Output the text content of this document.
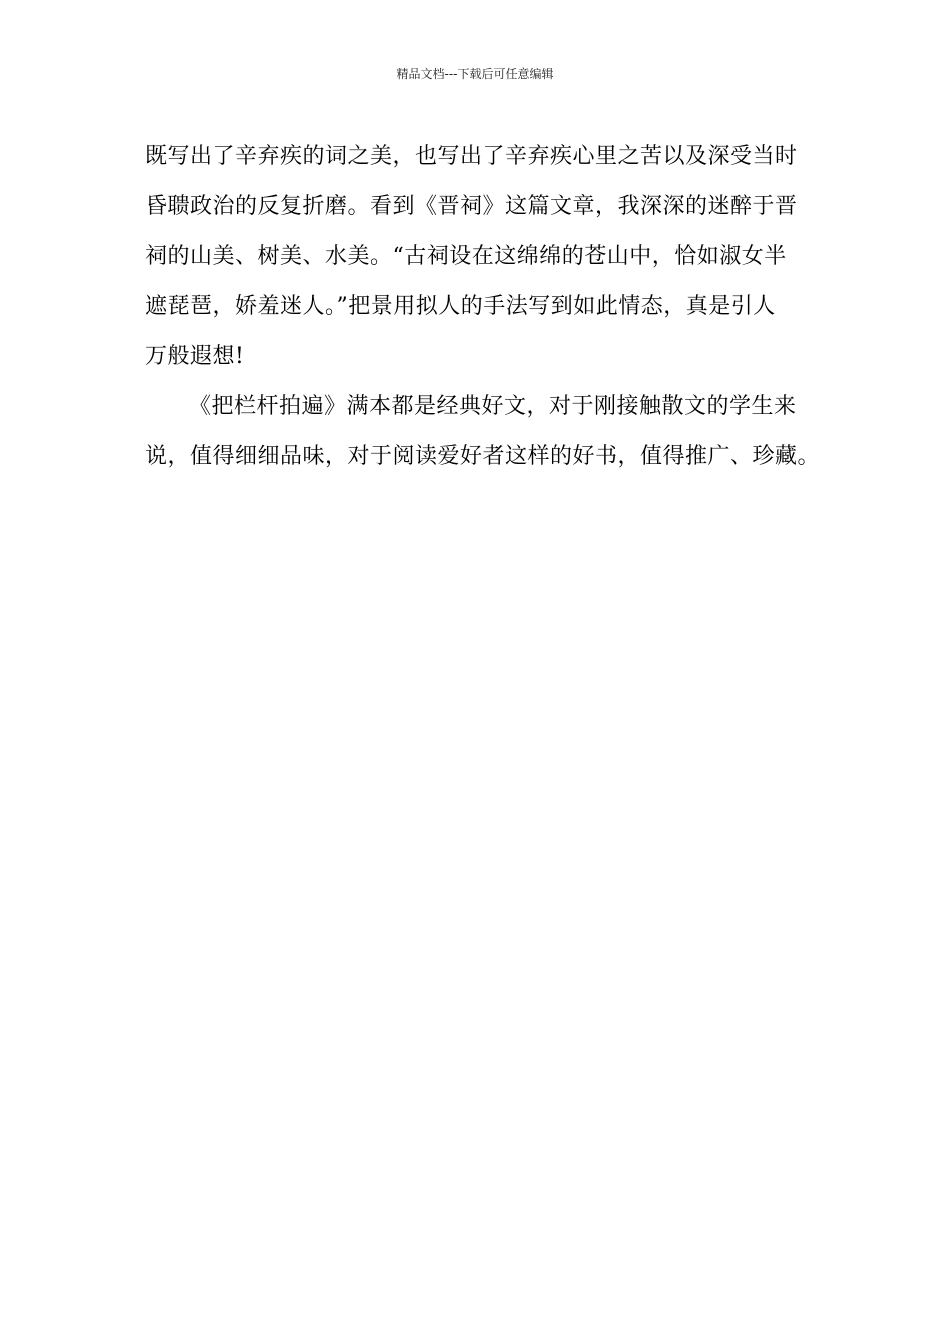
精品文档---下载后可任意编辑
既写出了辛弃疾的词之美，也写出了辛弃疾心里之苦以及深受当时
昏聩政治的反复折磨。看到《晋祠》这篇文章，我深深的迷醉于晋
祠的山美、树美、水美。“古祠设在这绵绵的苍山中，恰如淑女半
遮琵琶，娇羞迷人。”把景用拟人的手法写到如此情态，真是引人
万般遐想!
《把栏杆拍遍》满本都是经典好文，对于刚接触散文的学生来
说，值得细细品味，对于阅读爱好者这样的好书，值得推广、珍藏。
